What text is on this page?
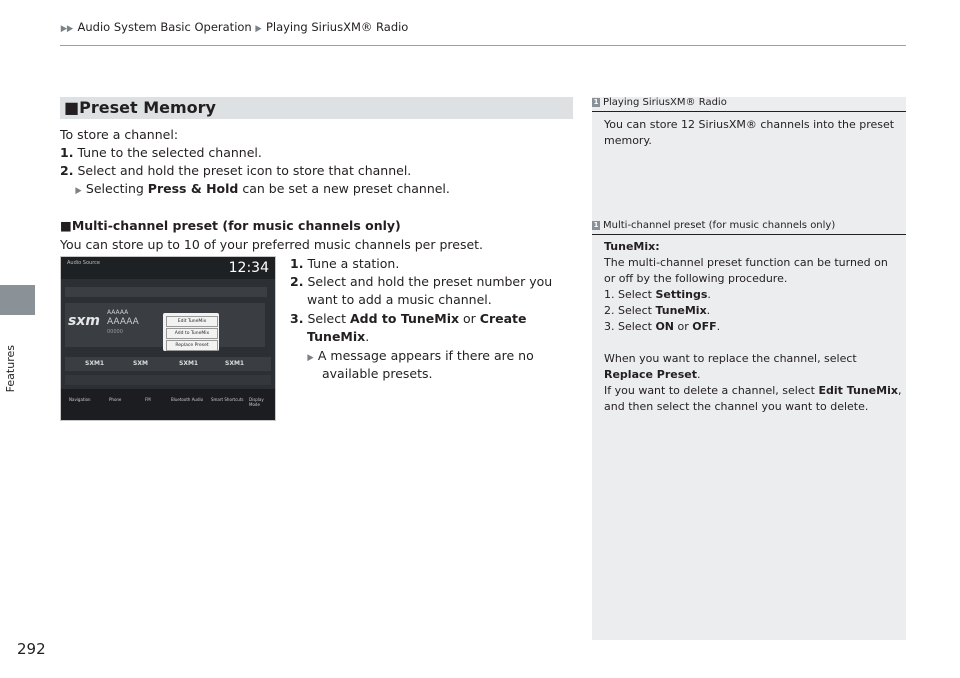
▶▶ Audio System Basic Operation ▶ Playing SiriusXM® Radio
Features
292
■Preset Memory
To store a channel:
1. Tune to the selected channel.
2. Select and hold the preset icon to store that channel.
▶ Selecting Press & Hold can be set a new preset channel.
■Multi-channel preset (for music channels only)
You can store up to 10 of your preferred music channels per preset.
Audio Source	12:34
sxm
AAAAA
AAAAA
00000
Edit TuneMix
Add to TuneMix
Replace Preset
SXM1	SXM	SXM1	SXM1
Navigation	Phone	FM	Bluetooth Audio Smart Shortcuts Display Mode
1. Tune a station.
2. Select and hold the preset number you
want to add a music channel.
3. Select Add to TuneMix or Create
TuneMix.
▶ A message appears if there are no
available presets.
1 Playing SiriusXM® Radio
You can store 12 SiriusXM® channels into the preset
memory.
1 Multi-channel preset (for music channels only)
TuneMix:
The multi-channel preset function can be turned on
or off by the following procedure.
1. Select Settings.
2. Select TuneMix.
3. Select ON or OFF.
When you want to replace the channel, select
Replace Preset.
If you want to delete a channel, select Edit TuneMix,
and then select the channel you want to delete.
